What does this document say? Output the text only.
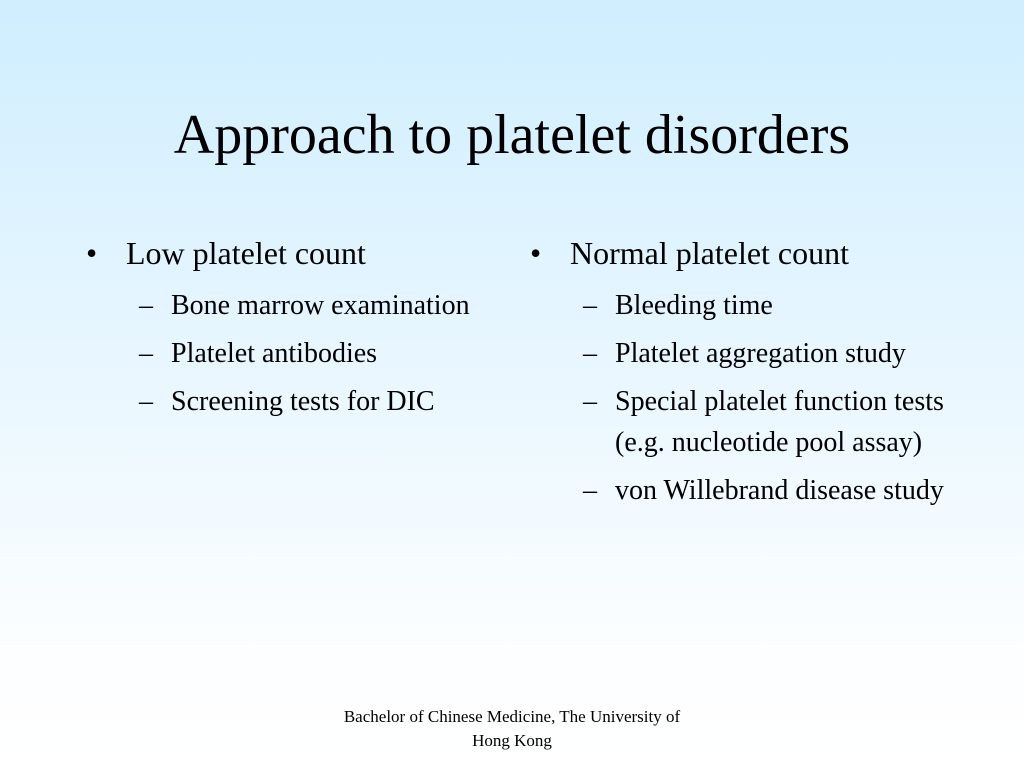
Approach to platelet disorders
• Low platelet count
– Bone marrow examination
– Platelet antibodies
– Screening tests for DIC
• Normal platelet count
– Bleeding time
– Platelet aggregation study
– Special platelet function tests (e.g. nucleotide pool assay)
– von Willebrand disease study
Bachelor of Chinese Medicine, The University of Hong Kong
